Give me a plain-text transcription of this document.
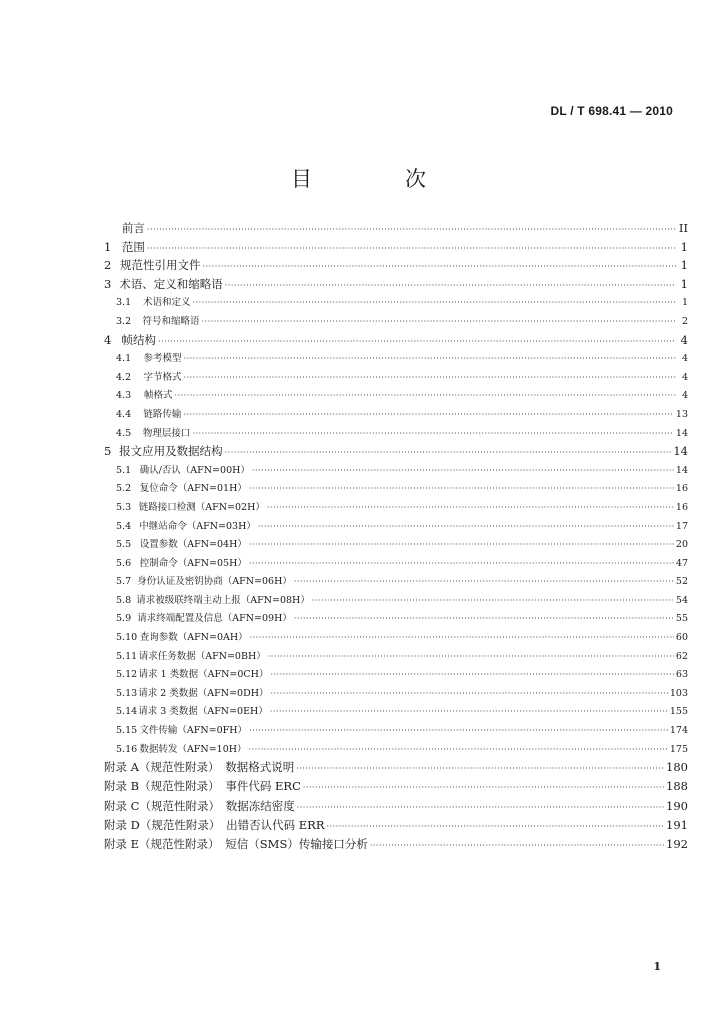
DL / T 698.41 — 2010
目　次
前言 ·····	II
1 范围 ·····	1
2 规范性引用文件 ·····	1
3 术语、定义和缩略语 ·····	1
3.1	术语和定义 ·····	1
3.2	符号和缩略语 ·····	2
4 帧结构 ·····	4
4.1	参考模型 ·····	4
4.2	字节格式 ·····	4
4.3	帧格式 ·····	4
4.4	链路传输 ·····	13
4.5	物理层接口 ·····	14
5 报文应用及数据结构 ·····	14
5.1 确认/否认（AFN=00H） ·····	14
5.2 复位命令（AFN=01H） ·····	16
5.3 链路接口检测（AFN=02H） ·····	16
5.4 中继站命令（AFN=03H） ·····	17
5.5 设置参数（AFN=04H） ·····	20
5.6 控制命令（AFN=05H） ·····	47
5.7 身份认证及密钥协商（AFN=06H） ·····	52
5.8 请求被级联终端主动上报（AFN=08H） ·····	54
5.9 请求终端配置及信息（AFN=09H） ·····	55
5.10 查询参数（AFN=0AH） ·····	60
5.11 请求任务数据（AFN=0BH） ·····	62
5.12 请求 1 类数据（AFN=0CH） ·····	63
5.13 请求 2 类数据（AFN=0DH） ·····	103
5.14 请求 3 类数据（AFN=0EH） ·····	155
5.15 文件传输（AFN=0FH） ·····	174
5.16 数据转发（AFN=10H） ·····	175
附录 A（规范性附录）　数据格式说明 ·····	180
附录 B（规范性附录）　事件代码 ERC ·····	188
附录 C（规范性附录）　数据冻结密度 ·····	190
附录 D（规范性附录）　出错否认代码 ERR ·····	191
附录 E（规范性附录）　短信（SMS）传输接口分析 ·····	192
1
